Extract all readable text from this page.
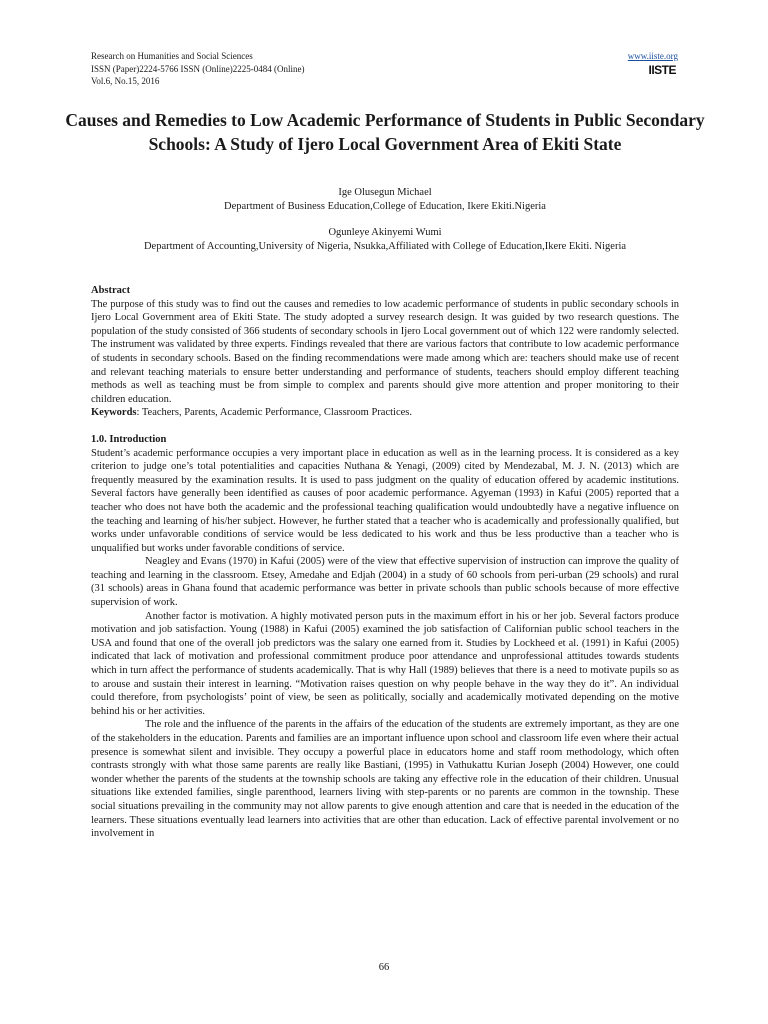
Research on Humanities and Social Sciences
ISSN (Paper)2224-5766 ISSN (Online)2225-0484 (Online)
Vol.6, No.15, 2016
www.iiste.org
IISTE
Causes and Remedies to Low Academic Performance of Students in Public Secondary Schools: A Study of Ijero Local Government Area of Ekiti State
Ige Olusegun Michael
Department of Business Education,College of Education, Ikere Ekiti.Nigeria
Ogunleye Akinyemi Wumi
Department of Accounting,University of Nigeria, Nsukka,Affiliated with College of Education,Ikere Ekiti. Nigeria
Abstract

The purpose of this study was to find out the causes and remedies to low academic performance of students in public secondary schools in Ijero Local Government area of Ekiti State. The study adopted a survey research design. It was guided by two research questions. The population of the study consisted of 366 students of secondary schools in Ijero Local government out of which 122 were randomly selected. The instrument was validated by three experts. Findings revealed that there are various factors that contribute to low academic performance of students in secondary schools. Based on the finding recommendations were made among which are: teachers should make use of recent and relevant teaching materials to ensure better understanding and performance of students, teachers should employ different teaching methods as well as teaching must be from simple to complex and parents should give more attention and proper monitoring to their children education.

Keywords: Teachers, Parents, Academic Performance, Classroom Practices.

1.0. Introduction

Student’s academic performance occupies a very important place in education as well as in the learning process. It is considered as a key criterion to judge one’s total potentialities and capacities Nuthana & Yenagi, (2009) cited by Mendezabal, M. J. N. (2013) which are frequently measured by the examination results. It is used to pass judgment on the quality of education offered by academic institutions. Several factors have generally been identified as causes of poor academic performance. Agyeman (1993) in Kafui (2005) reported that a teacher who does not have both the academic and the professional teaching qualification would undoubtedly have a negative influence on the teaching and learning of his/her subject. However, he further stated that a teacher who is academically and professionally qualified, but works under unfavorable conditions of service would be less dedicated to his work and thus be less productive than a teacher who is unqualified but works under favorable conditions of service.

Neagley and Evans (1970) in Kafui (2005) were of the view that effective supervision of instruction can improve the quality of teaching and learning in the classroom. Etsey, Amedahe and Edjah (2004) in a study of 60 schools from peri-urban (29 schools) and rural (31 schools) areas in Ghana found that academic performance was better in private schools than public schools because of more effective supervision of work.

Another factor is motivation. A highly motivated person puts in the maximum effort in his or her job. Several factors produce motivation and job satisfaction. Young (1988) in Kafui (2005) examined the job satisfaction of Californian public school teachers in the USA and found that one of the overall job predictors was the salary one earned from it. Studies by Lockheed et al. (1991) in Kafui (2005) indicated that lack of motivation and professional commitment produce poor attendance and unprofessional attitudes towards students which in turn affect the performance of students academically. That is why Hall (1989) believes that there is a need to motivate pupils so as to arouse and sustain their interest in learning. “Motivation raises question on why people behave in the way they do it”. An individual could therefore, from psychologists’ point of view, be seen as politically, socially and academically motivated depending on the motive behind his or her activities.

The role and the influence of the parents in the affairs of the education of the students are extremely important, as they are one of the stakeholders in the education. Parents and families are an important influence upon school and classroom life even where their actual presence is somewhat silent and invisible. They occupy a powerful place in educators home and staff room methodology, which often contrasts strongly with what those same parents are really like Bastiani, (1995) in Vathukattu Kurian Joseph (2004) However, one could wonder whether the parents of the students at the township schools are taking any effective role in the education of their children. Unusual situations like extended families, single parenthood, learners living with step-parents or no parents are common in the township. These social situations prevailing in the community may not allow parents to give enough attention and care that is needed in the education of the learners. These situations eventually lead learners into activities that are other than education. Lack of effective parental involvement or no involvement in

66
